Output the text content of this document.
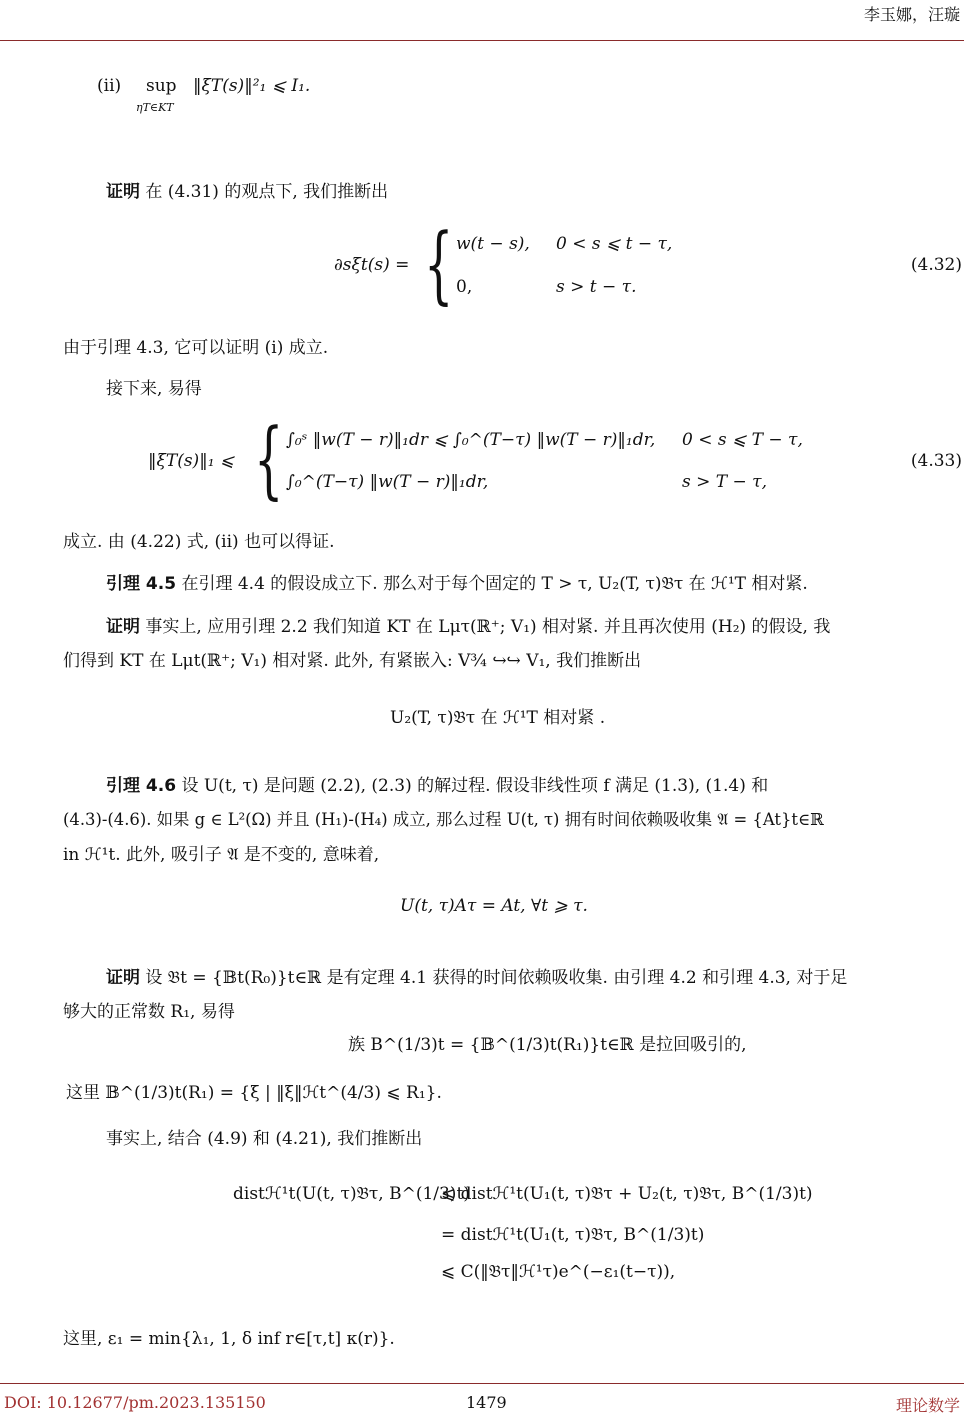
李玉娜，汪璇
(ii) sup
ηT∈KT
‖ξT(s)‖²₁ ⩽ I₁.
证明 在 (4.31) 的观点下, 我们推断出
∂sξt(s) = { w(t − s), 0 < s ⩽ t − τ,
0,	s > t − τ.
(4.32)
由于引理 4.3, 它可以证明 (i) 成立.
接下来, 易得
‖ξT(s)‖₁ ⩽ { ∫₀ˢ ‖w(T − r)‖₁dr ⩽ ∫₀^(T−τ) ‖w(T − r)‖₁dr, 0 < s ⩽ T − τ,
∫₀^(T−τ) ‖w(T − r)‖₁dr,	s > T − τ,
(4.33)
成立. 由 (4.22) 式, (ii) 也可以得证.
引理 4.5 在引理 4.4 的假设成立下. 那么对于每个固定的 T > τ, U₂(T, τ)𝔅τ 在 ℋ¹T 相对紧.
证明 事实上, 应用引理 2.2 我们知道 KT 在 Lμτ(ℝ⁺; V₁) 相对紧. 并且再次使用 (H₂) 的假设, 我
们得到 KT 在 Lμt(ℝ⁺; V₁) 相对紧. 此外, 有紧嵌入: V¾ ↪↪ V₁, 我们推断出
U₂(T, τ)𝔅τ 在 ℋ¹T 相对紧 .
引理 4.6 设 U(t, τ) 是问题 (2.2), (2.3) 的解过程. 假设非线性项 f 满足 (1.3), (1.4) 和
(4.3)-(4.6). 如果 g ∈ L²(Ω) 并且 (H₁)-(H₄) 成立, 那么过程 U(t, τ) 拥有时间依赖吸收集 𝔄 = {At}t∈ℝ
in ℋ¹t. 此外, 吸引子 𝔄 是不变的, 意味着,
U(t, τ)Aτ = At, ∀t ⩾ τ.
证明 设 𝔅t = {𝔹t(R₀)}t∈ℝ 是有定理 4.1 获得的时间依赖吸收集. 由引理 4.2 和引理 4.3, 对于足
够大的正常数 R₁, 易得
族 B^(1/3)t = {𝔹^(1/3)t(R₁)}t∈ℝ 是拉回吸引的,
这里 𝔹^(1/3)t(R₁) = {ξ | ‖ξ‖ℋt^(4/3) ⩽ R₁}.
事实上, 结合 (4.9) 和 (4.21), 我们推断出
distℋ¹t(U(t, τ)𝔅τ, B^(1/3)t)
⩽ distℋ¹t(U₁(t, τ)𝔅τ + U₂(t, τ)𝔅τ, B^(1/3)t)
= distℋ¹t(U₁(t, τ)𝔅τ, B^(1/3)t)
⩽ C(‖𝔅τ‖ℋ¹τ)e^(−ε₁(t−τ)),
这里, ε₁ = min{λ₁, 1, δ inf r∈[τ,t] κ(r)}.
DOI: 10.12677/pm.2023.135150	1479	理论数学
